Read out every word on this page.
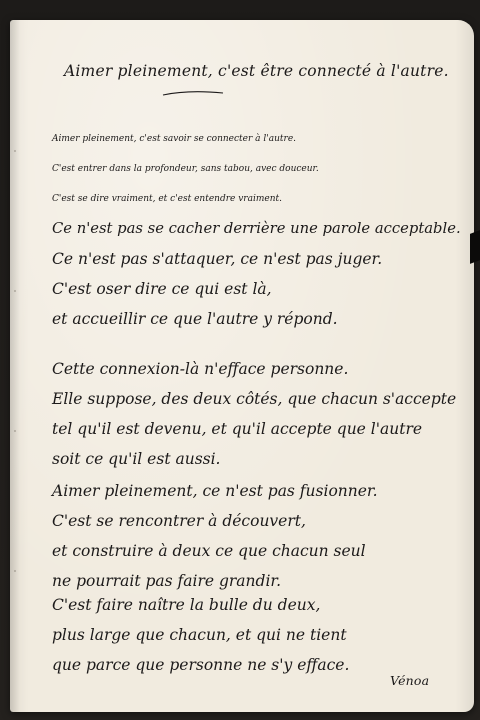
Aimer pleinement, c'est être connecté à l'autre.
Aimer pleinement, c'est savoir se connecter à l'autre.
C'est entrer dans la profondeur, sans tabou, avec douceur.
C'est se dire vraiment, et c'est entendre vraiment.
Ce n'est pas se cacher derrière une parole acceptable.
Ce n'est pas s'attaquer, ce n'est pas juger.
C'est oser dire ce qui est là,
et accueillir ce que l'autre y répond.
Cette connexion-là n'efface personne.
Elle suppose, des deux côtés, que chacun s'accepte
tel qu'il est devenu, et qu'il accepte que l'autre
soit ce qu'il est aussi.
Aimer pleinement, ce n'est pas fusionner.
C'est se rencontrer à découvert,
et construire à deux ce que chacun seul
ne pourrait pas faire grandir.
C'est faire naître la bulle du deux,
plus large que chacun, et qui ne tient
que parce que personne ne s'y efface.
Vénoa
